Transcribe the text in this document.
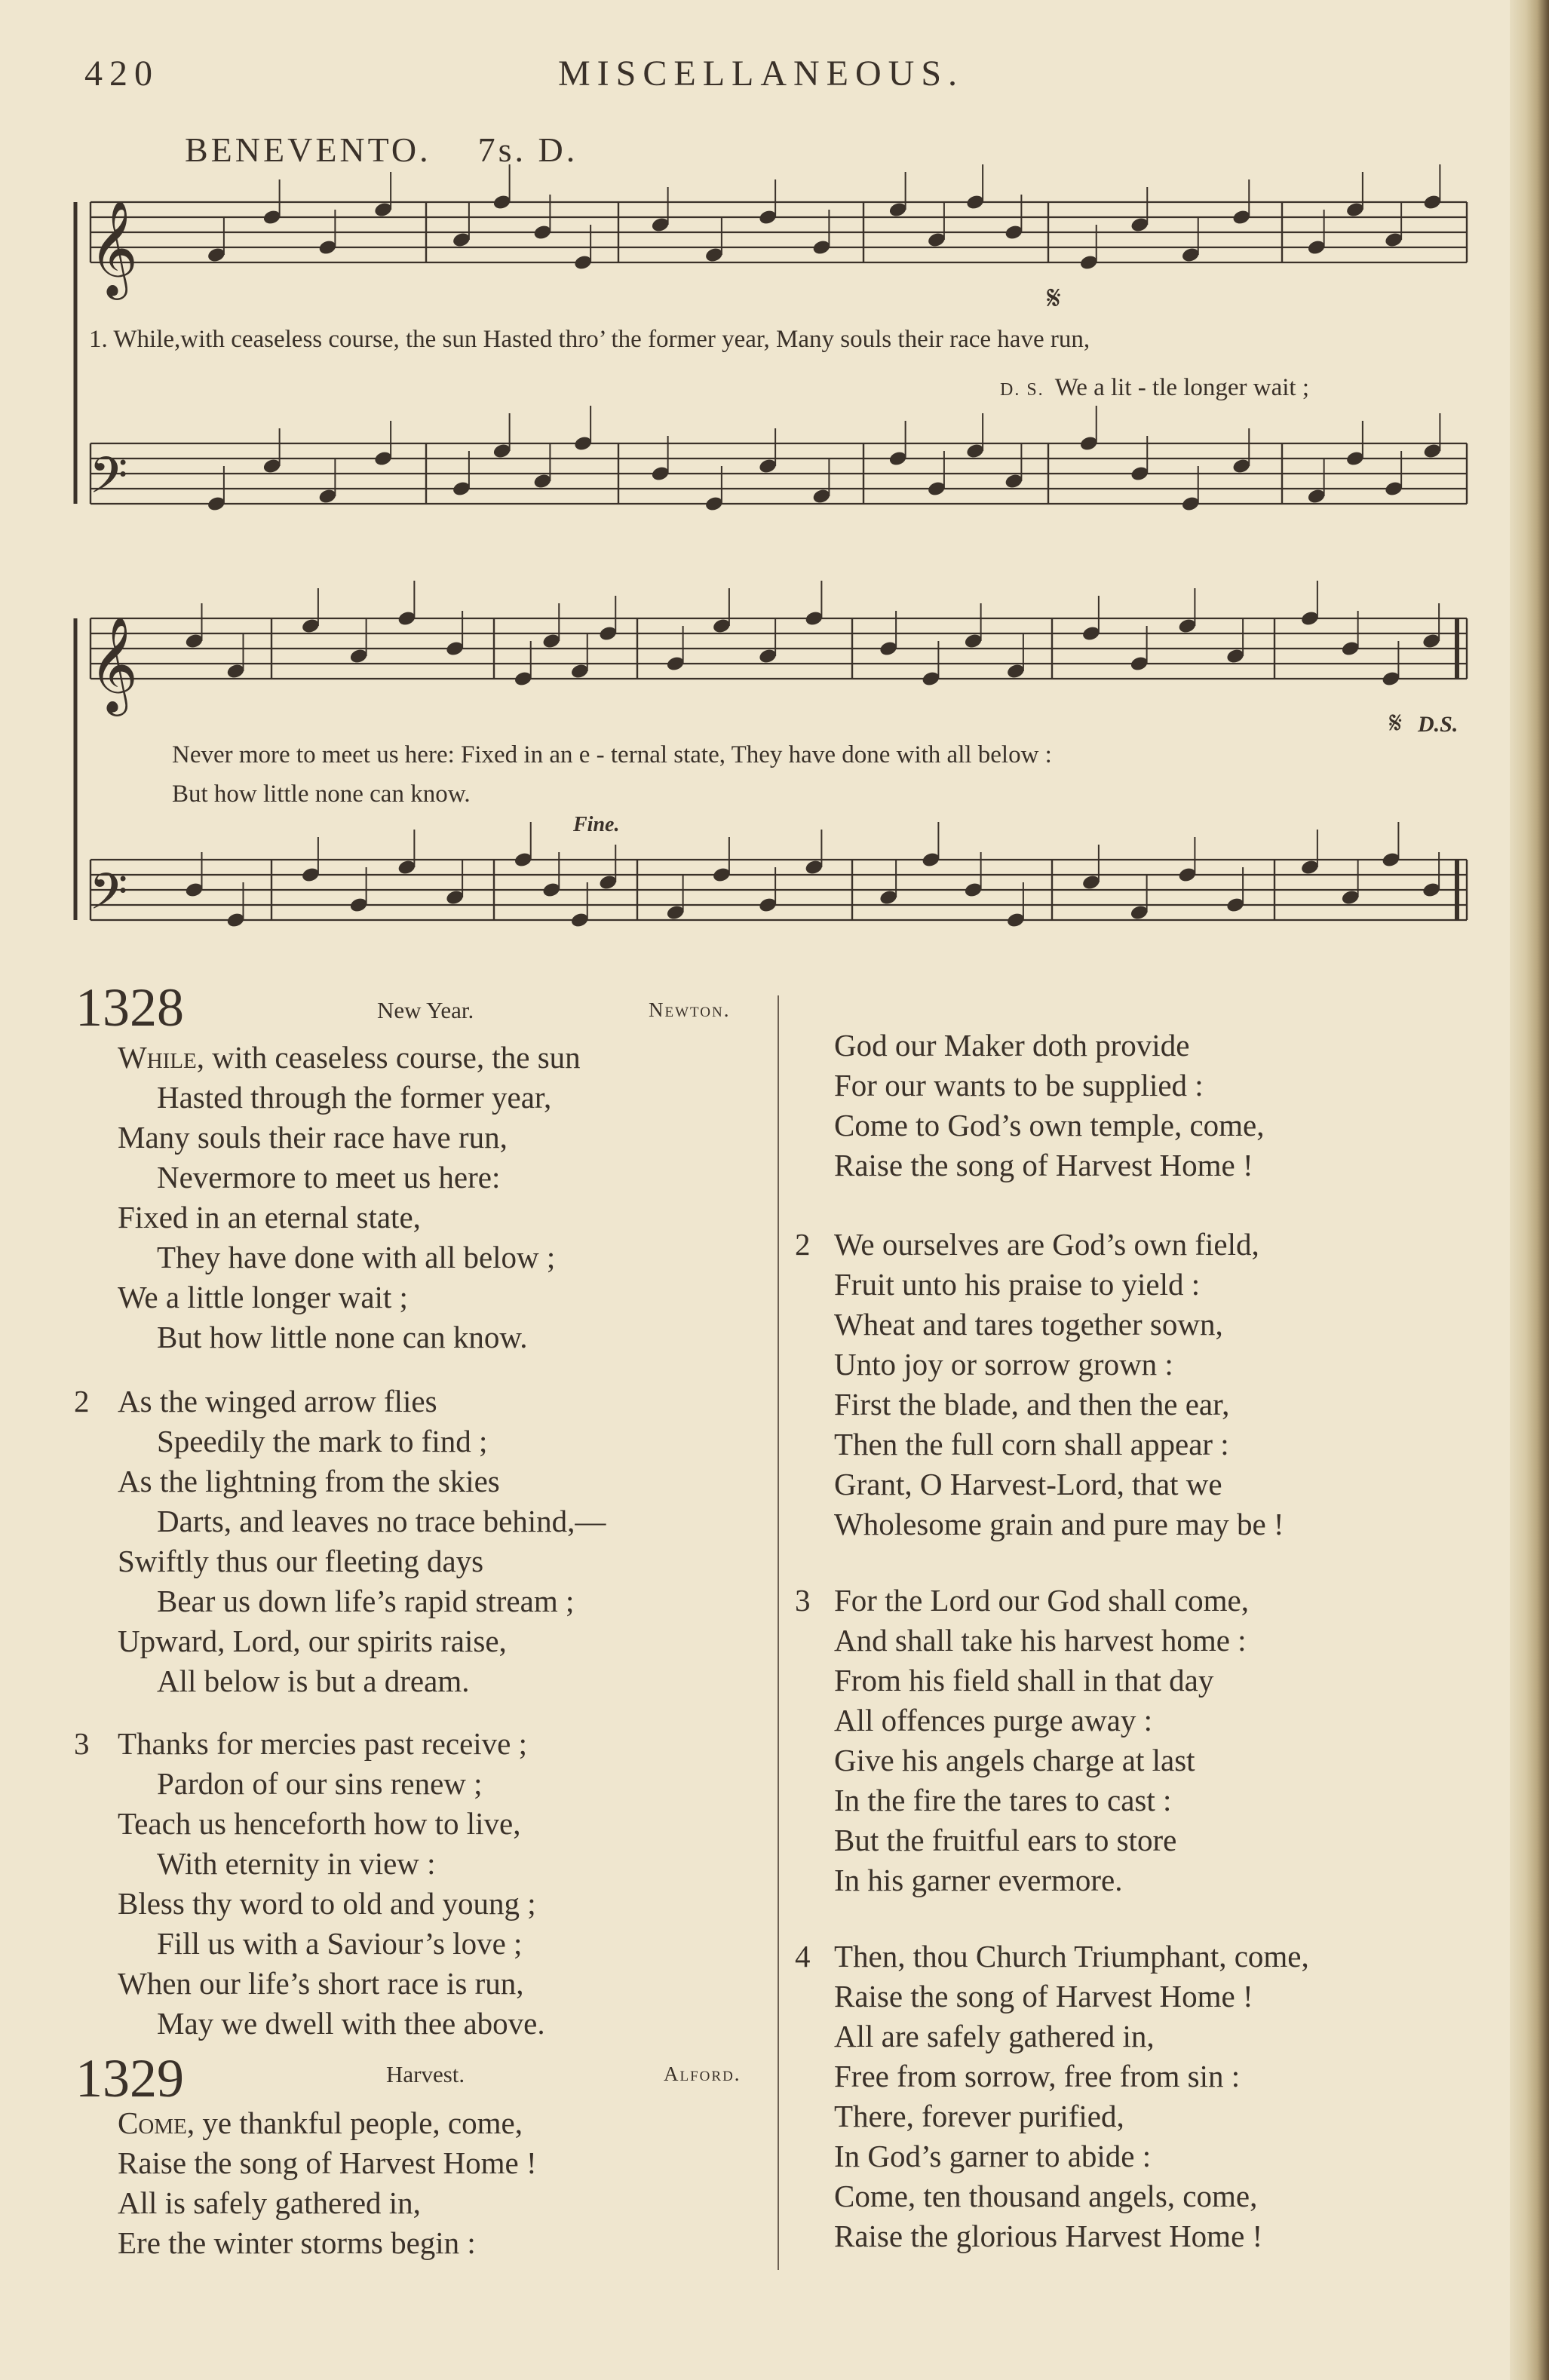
420	MISCELLANEOUS.
BENEVENTO. 7s. D.
𝄞
𝄢
𝄞
𝄢
𝄋
𝄋
1. While,with ceaseless course, the sun Hasted thro’ the former year, Many souls their race have run,
D. S. We a lit - tle longer wait ;
Never more to meet us here: Fixed in an e - ternal state, They have done with all below :
But how little none can know.
Fine.
D.S.
1328	New Year.	Newton.
While, with ceaseless course, the sun
Hasted through the former year,
Many souls their race have run,
Nevermore to meet us here:
Fixed in an eternal state,
They have done with all below ;
We a little longer wait ;
But how little none can know.
2 As the winged arrow flies
Speedily the mark to find ;
As the lightning from the skies
Darts, and leaves no trace behind,—
Swiftly thus our fleeting days
Bear us down life’s rapid stream ;
Upward, Lord, our spirits raise,
All below is but a dream.
3 Thanks for mercies past receive ;
Pardon of our sins renew ;
Teach us henceforth how to live,
With eternity in view :
Bless thy word to old and young ;
Fill us with a Saviour’s love ;
When our life’s short race is run,
May we dwell with thee above.
1329	Harvest.	Alford.
Come, ye thankful people, come,
Raise the song of Harvest Home !
All is safely gathered in,
Ere the winter storms begin :
God our Maker doth provide
For our wants to be supplied :
Come to God’s own temple, come,
Raise the song of Harvest Home !
2 We ourselves are God’s own field,
Fruit unto his praise to yield :
Wheat and tares together sown,
Unto joy or sorrow grown :
First the blade, and then the ear,
Then the full corn shall appear :
Grant, O Harvest-Lord, that we
Wholesome grain and pure may be !
3 For the Lord our God shall come,
And shall take his harvest home :
From his field shall in that day
All offences purge away :
Give his angels charge at last
In the fire the tares to cast :
But the fruitful ears to store
In his garner evermore.
4 Then, thou Church Triumphant, come,
Raise the song of Harvest Home !
All are safely gathered in,
Free from sorrow, free from sin :
There, forever purified,
In God’s garner to abide :
Come, ten thousand angels, come,
Raise the glorious Harvest Home !
